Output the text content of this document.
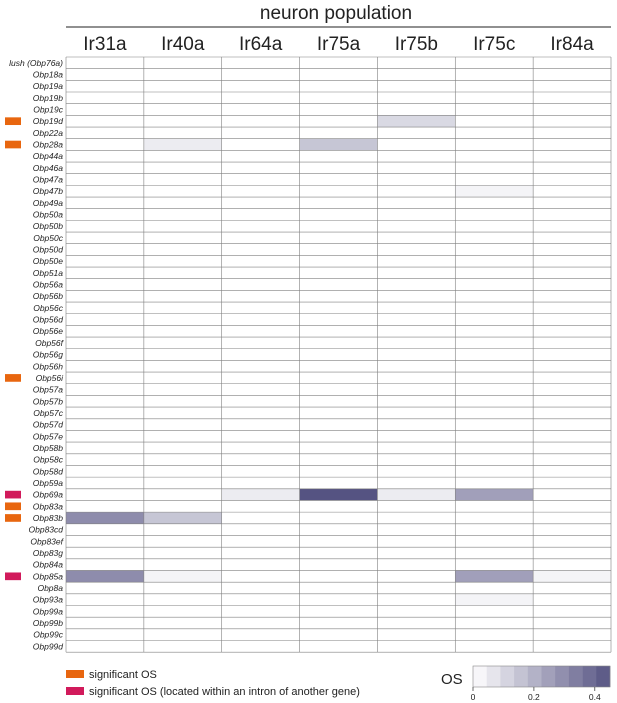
neuron population
Ir31a Ir40a Ir64a Ir75a Ir75b Ir75c Ir84a
lush (Obp76a)
Obp18a
Obp19a
Obp19b
Obp19c
Obp19d
Obp22a
Obp28a
Obp44a
Obp46a
Obp47a
Obp47b
Obp49a
Obp50a
Obp50b
Obp50c
Obp50d
Obp50e
Obp51a
Obp56a
Obp56b
Obp56c
Obp56d
Obp56e
Obp56f
Obp56g
Obp56h
Obp56i
Obp57a
Obp57b
Obp57c
Obp57d
Obp57e
Obp58b
Obp58c
Obp58d
Obp59a
Obp69a
Obp83a
Obp83b
Obp83cd
Obp83ef
Obp83g
Obp84a
Obp85a
Obp8a
Obp93a
Obp99a
Obp99b
Obp99c
Obp99d
significant OS
significant OS (located within an intron of another gene)
OS
0	0.2	0.4
